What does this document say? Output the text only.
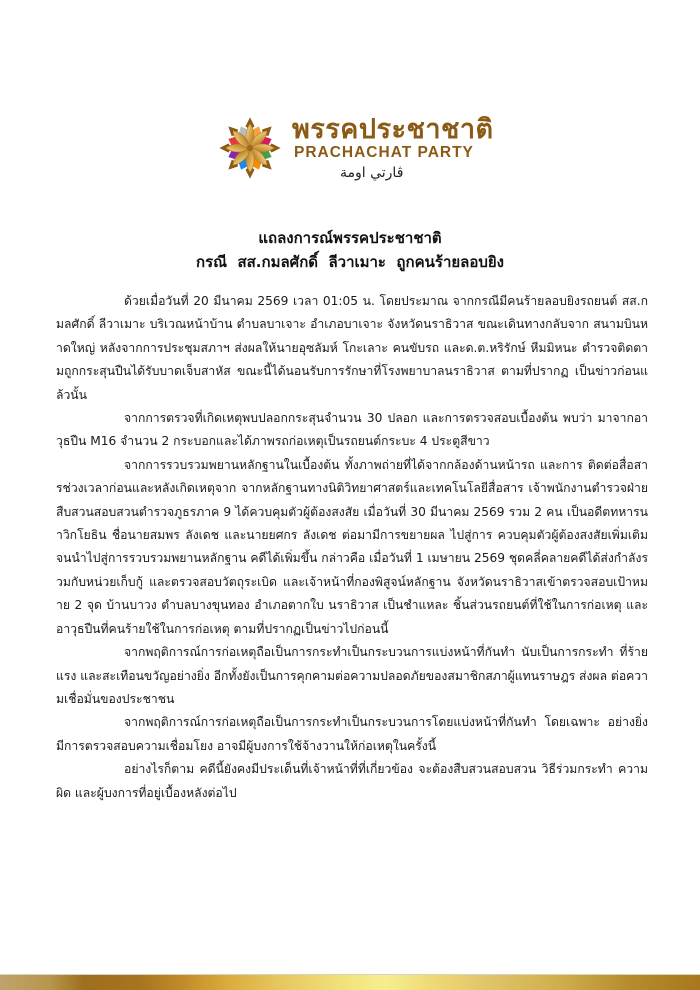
พรรคประชาชาติ
PRACHACHAT PARTY
ڤارتي اومة
แถลงการณ์พรรคประชาชาติ
กรณี  สส.กมลศักดิ์  ลีวาเมาะ  ถูกคนร้ายลอบยิง

ด้วยเมื่อวันที่ 20 มีนาคม 2569 เวลา 01:05 น. โดยประมาณ จากกรณีมีคนร้ายลอบยิงรถยนต์ สส.กมลศักดิ์ ลีวาเมาะ บริเวณหน้าบ้าน ตำบลบาเจาะ อำเภอบาเจาะ จังหวัดนราธิวาส ขณะเดินทางกลับจาก สนามบินหาดใหญ่ หลังจากการประชุมสภาฯ ส่งผลให้นายอุซลัมห์ โกะเลาะ คนขับรถ และด.ต.หริรักษ์ หีมมิหนะ ตำรวจติดตามถูกกระสุนปืนได้รับบาดเจ็บสาหัส ขณะนี้ได้นอนรับการรักษาที่โรงพยาบาลนราธิวาส ตามที่ปรากฏ เป็นข่าวก่อนแล้วนั้น

จากการตรวจที่เกิดเหตุพบปลอกกระสุนจำนวน 30 ปลอก และการตรวจสอบเบื้องต้น พบว่า มาจากอาวุธปืน M16 จำนวน 2 กระบอกและได้ภาพรถก่อเหตุเป็นรถยนต์กระบะ 4 ประตูสีขาว

จากการรวบรวมพยานหลักฐานในเบื้องต้น ทั้งภาพถ่ายที่ได้จากกล้องด้านหน้ารถ และการ ติดต่อสื่อสารช่วงเวลาก่อนและหลังเกิดเหตุจาก จากหลักฐานทางนิติวิทยาศาสตร์และเทคโนโลยีสื่อสาร เจ้าพนักงานตำรวจฝ่ายสืบสวนสอบสวนตำรวจภูธรภาค 9 ได้ควบคุมตัวผู้ต้องสงสัย เมื่อวันที่ 30 มีนาคม 2569 รวม 2 คน เป็นอดีตทหารนาวิกโยธิน ชื่อนายสมพร ลังเดช และนายยศกร ลังเดช ต่อมามีการขยายผล ไปสู่การ ควบคุมตัวผู้ต้องสงสัยเพิ่มเติม จนนำไปสู่การรวบรวมพยานหลักฐาน คดีได้เพิ่มขึ้น กล่าวคือ เมื่อวันที่ 1 เมษายน 2569 ชุดคลี่คลายคดีได้ส่งกำลังรวมกับหน่วยเก็บกู้ และตรวจสอบวัตถุระเบิด และเจ้าหน้าที่กองพิสูจน์หลักฐาน จังหวัดนราธิวาสเข้าตรวจสอบเป้าหมาย 2 จุด บ้านบาวง ตำบลบางขุนทอง อำเภอตากใบ นราธิวาส เป็นชำแหละ ชิ้นส่วนรถยนต์ที่ใช้ในการก่อเหตุ และอาวุธปืนที่คนร้ายใช้ในการก่อเหตุ ตามที่ปรากฏเป็นข่าวไปก่อนนี้

จากพฤติการณ์การก่อเหตุถือเป็นการกระทำเป็นกระบวนการแบ่งหน้าที่กันทำ นับเป็นการกระทำ ที่ร้ายแรง และสะเทือนขวัญอย่างยิ่ง อีกทั้งยังเป็นการคุกคามต่อความปลอดภัยของสมาชิกสภาผู้แทนราษฎร ส่งผล ต่อความเชื่อมั่นของประชาชน

จากพฤติการณ์การก่อเหตุถือเป็นการกระทำเป็นกระบวนการโดยแบ่งหน้าที่กันทำ โดยเฉพาะ อย่างยิ่งมีการตรวจสอบความเชื่อมโยง อาจมีผู้บงการใช้จ้างวานให้ก่อเหตุในครั้งนี้

อย่างไรก็ตาม คดีนี้ยังคงมีประเด็นที่เจ้าหน้าที่ที่เกี่ยวข้อง จะต้องสืบสวนสอบสวน วิธีร่วมกระทำ ความผิด และผู้บงการที่อยู่เบื้องหลังต่อไป
